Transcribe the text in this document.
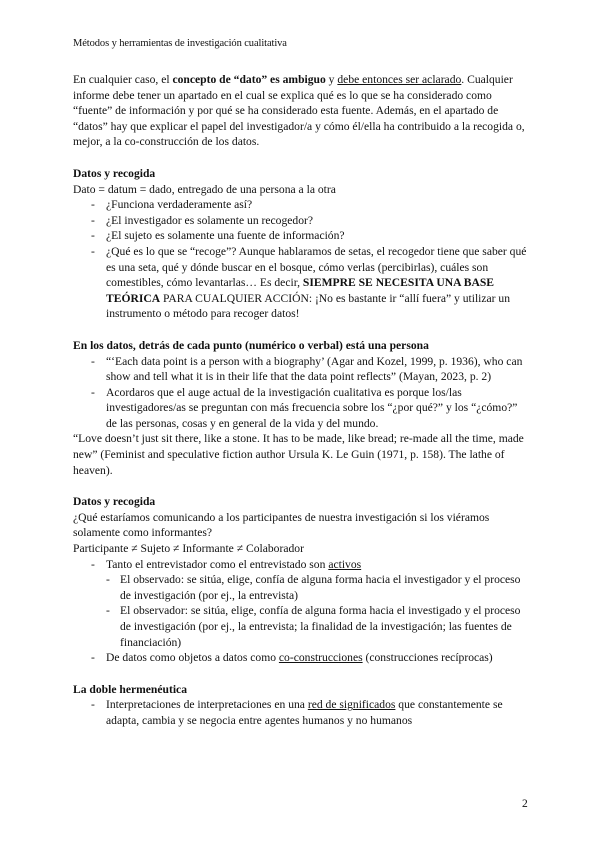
Métodos y herramientas de investigación cualitativa

En cualquier caso, el concepto de “dato” es ambiguo y debe entonces ser aclarado. Cualquier informe debe tener un apartado en el cual se explica qué es lo que se ha considerado como “fuente” de información y por qué se ha considerado esta fuente. Además, en el apartado de “datos” hay que explicar el papel del investigador/a y cómo él/ella ha contribuido a la recogida o, mejor, a la co-construcción de los datos.

Datos y recogida

Dato = datum = dado, entregado de una persona a la otra

- ¿Funciona verdaderamente así?
- ¿El investigador es solamente un recogedor?
- ¿El sujeto es solamente una fuente de información?
- ¿Qué es lo que se “recoge”? Aunque hablaramos de setas, el recogedor tiene que saber qué es una seta, qué y dónde buscar en el bosque, cómo verlas (percibirlas), cuáles son comestibles, cómo levantarlas… Es decir, SIEMPRE SE NECESITA UNA BASE TEÓRICA PARA CUALQUIER ACCIÓN: ¡No es bastante ir “allí fuera” y utilizar un instrumento o método para recoger datos!

En los datos, detrás de cada punto (numérico o verbal) está una persona

- “‘Each data point is a person with a biography’ (Agar and Kozel, 1999, p. 1936), who can show and tell what it is in their life that the data point reflects” (Mayan, 2023, p. 2)
- Acordaros que el auge actual de la investigación cualitativa es porque los/las investigadores/as se preguntan con más frecuencia sobre los “¿por qué?” y los “¿cómo?” de las personas, cosas y en general de la vida y del mundo.

“Love doesn’t just sit there, like a stone. It has to be made, like bread; re-made all the time, made new” (Feminist and speculative fiction author Ursula K. Le Guin (1971, p. 158). The lathe of heaven).

Datos y recogida

¿Qué estaríamos comunicando a los participantes de nuestra investigación si los viéramos solamente como informantes?

Participante ≠ Sujeto ≠ Informante ≠ Colaborador

- Tanto el entrevistador como el entrevistado son activos
- El observado: se sitúa, elige, confía de alguna forma hacia el investigador y el proceso de investigación (por ej., la entrevista)
- El observador: se sitúa, elige, confía de alguna forma hacia el investigado y el proceso de investigación (por ej., la entrevista; la finalidad de la investigación; las fuentes de financiación)
- De datos como objetos a datos como co-construcciones (construcciones recíprocas)

La doble hermenéutica

- Interpretaciones de interpretaciones en una red de significados que constantemente se adapta, cambia y se negocia entre agentes humanos y no humanos
2
